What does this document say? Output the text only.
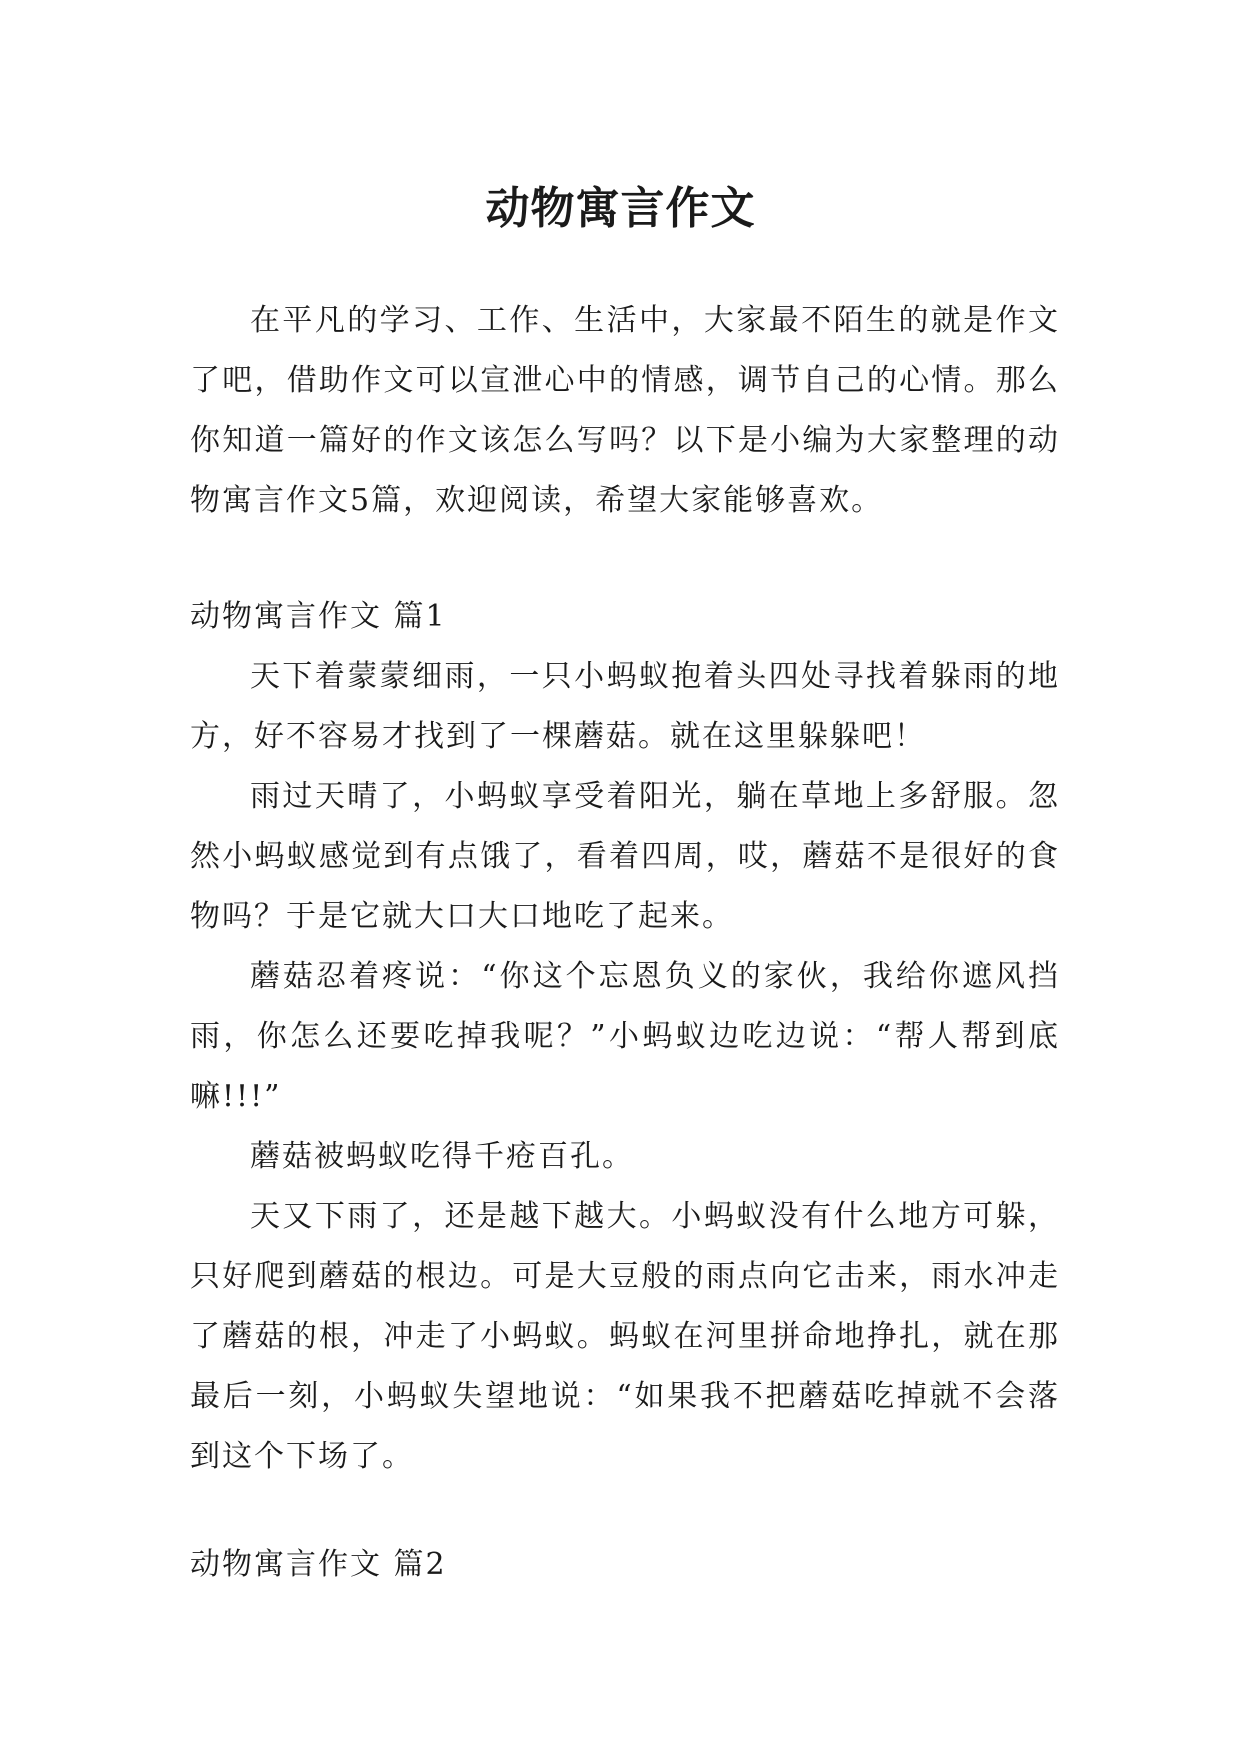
动物寓言作文

在平凡的学习、工作、生活中，大家最不陌生的就是作文了吧，借助作文可以宣泄心中的情感，调节自己的心情。那么你知道一篇好的作文该怎么写吗？以下是小编为大家整理的动物寓言作文5篇，欢迎阅读，希望大家能够喜欢。

动物寓言作文 篇1

天下着蒙蒙细雨，一只小蚂蚁抱着头四处寻找着躲雨的地方，好不容易才找到了一棵蘑菇。就在这里躲躲吧！

雨过天晴了，小蚂蚁享受着阳光，躺在草地上多舒服。忽然小蚂蚁感觉到有点饿了，看着四周，哎，蘑菇不是很好的食物吗？于是它就大口大口地吃了起来。

蘑菇忍着疼说：“你这个忘恩负义的家伙，我给你遮风挡雨，你怎么还要吃掉我呢？”小蚂蚁边吃边说：“帮人帮到底嘛!!!”

蘑菇被蚂蚁吃得千疮百孔。

天又下雨了，还是越下越大。小蚂蚁没有什么地方可躲，只好爬到蘑菇的根边。可是大豆般的雨点向它击来，雨水冲走了蘑菇的根，冲走了小蚂蚁。蚂蚁在河里拼命地挣扎，就在那最后一刻，小蚂蚁失望地说：“如果我不把蘑菇吃掉就不会落到这个下场了。

动物寓言作文 篇2
